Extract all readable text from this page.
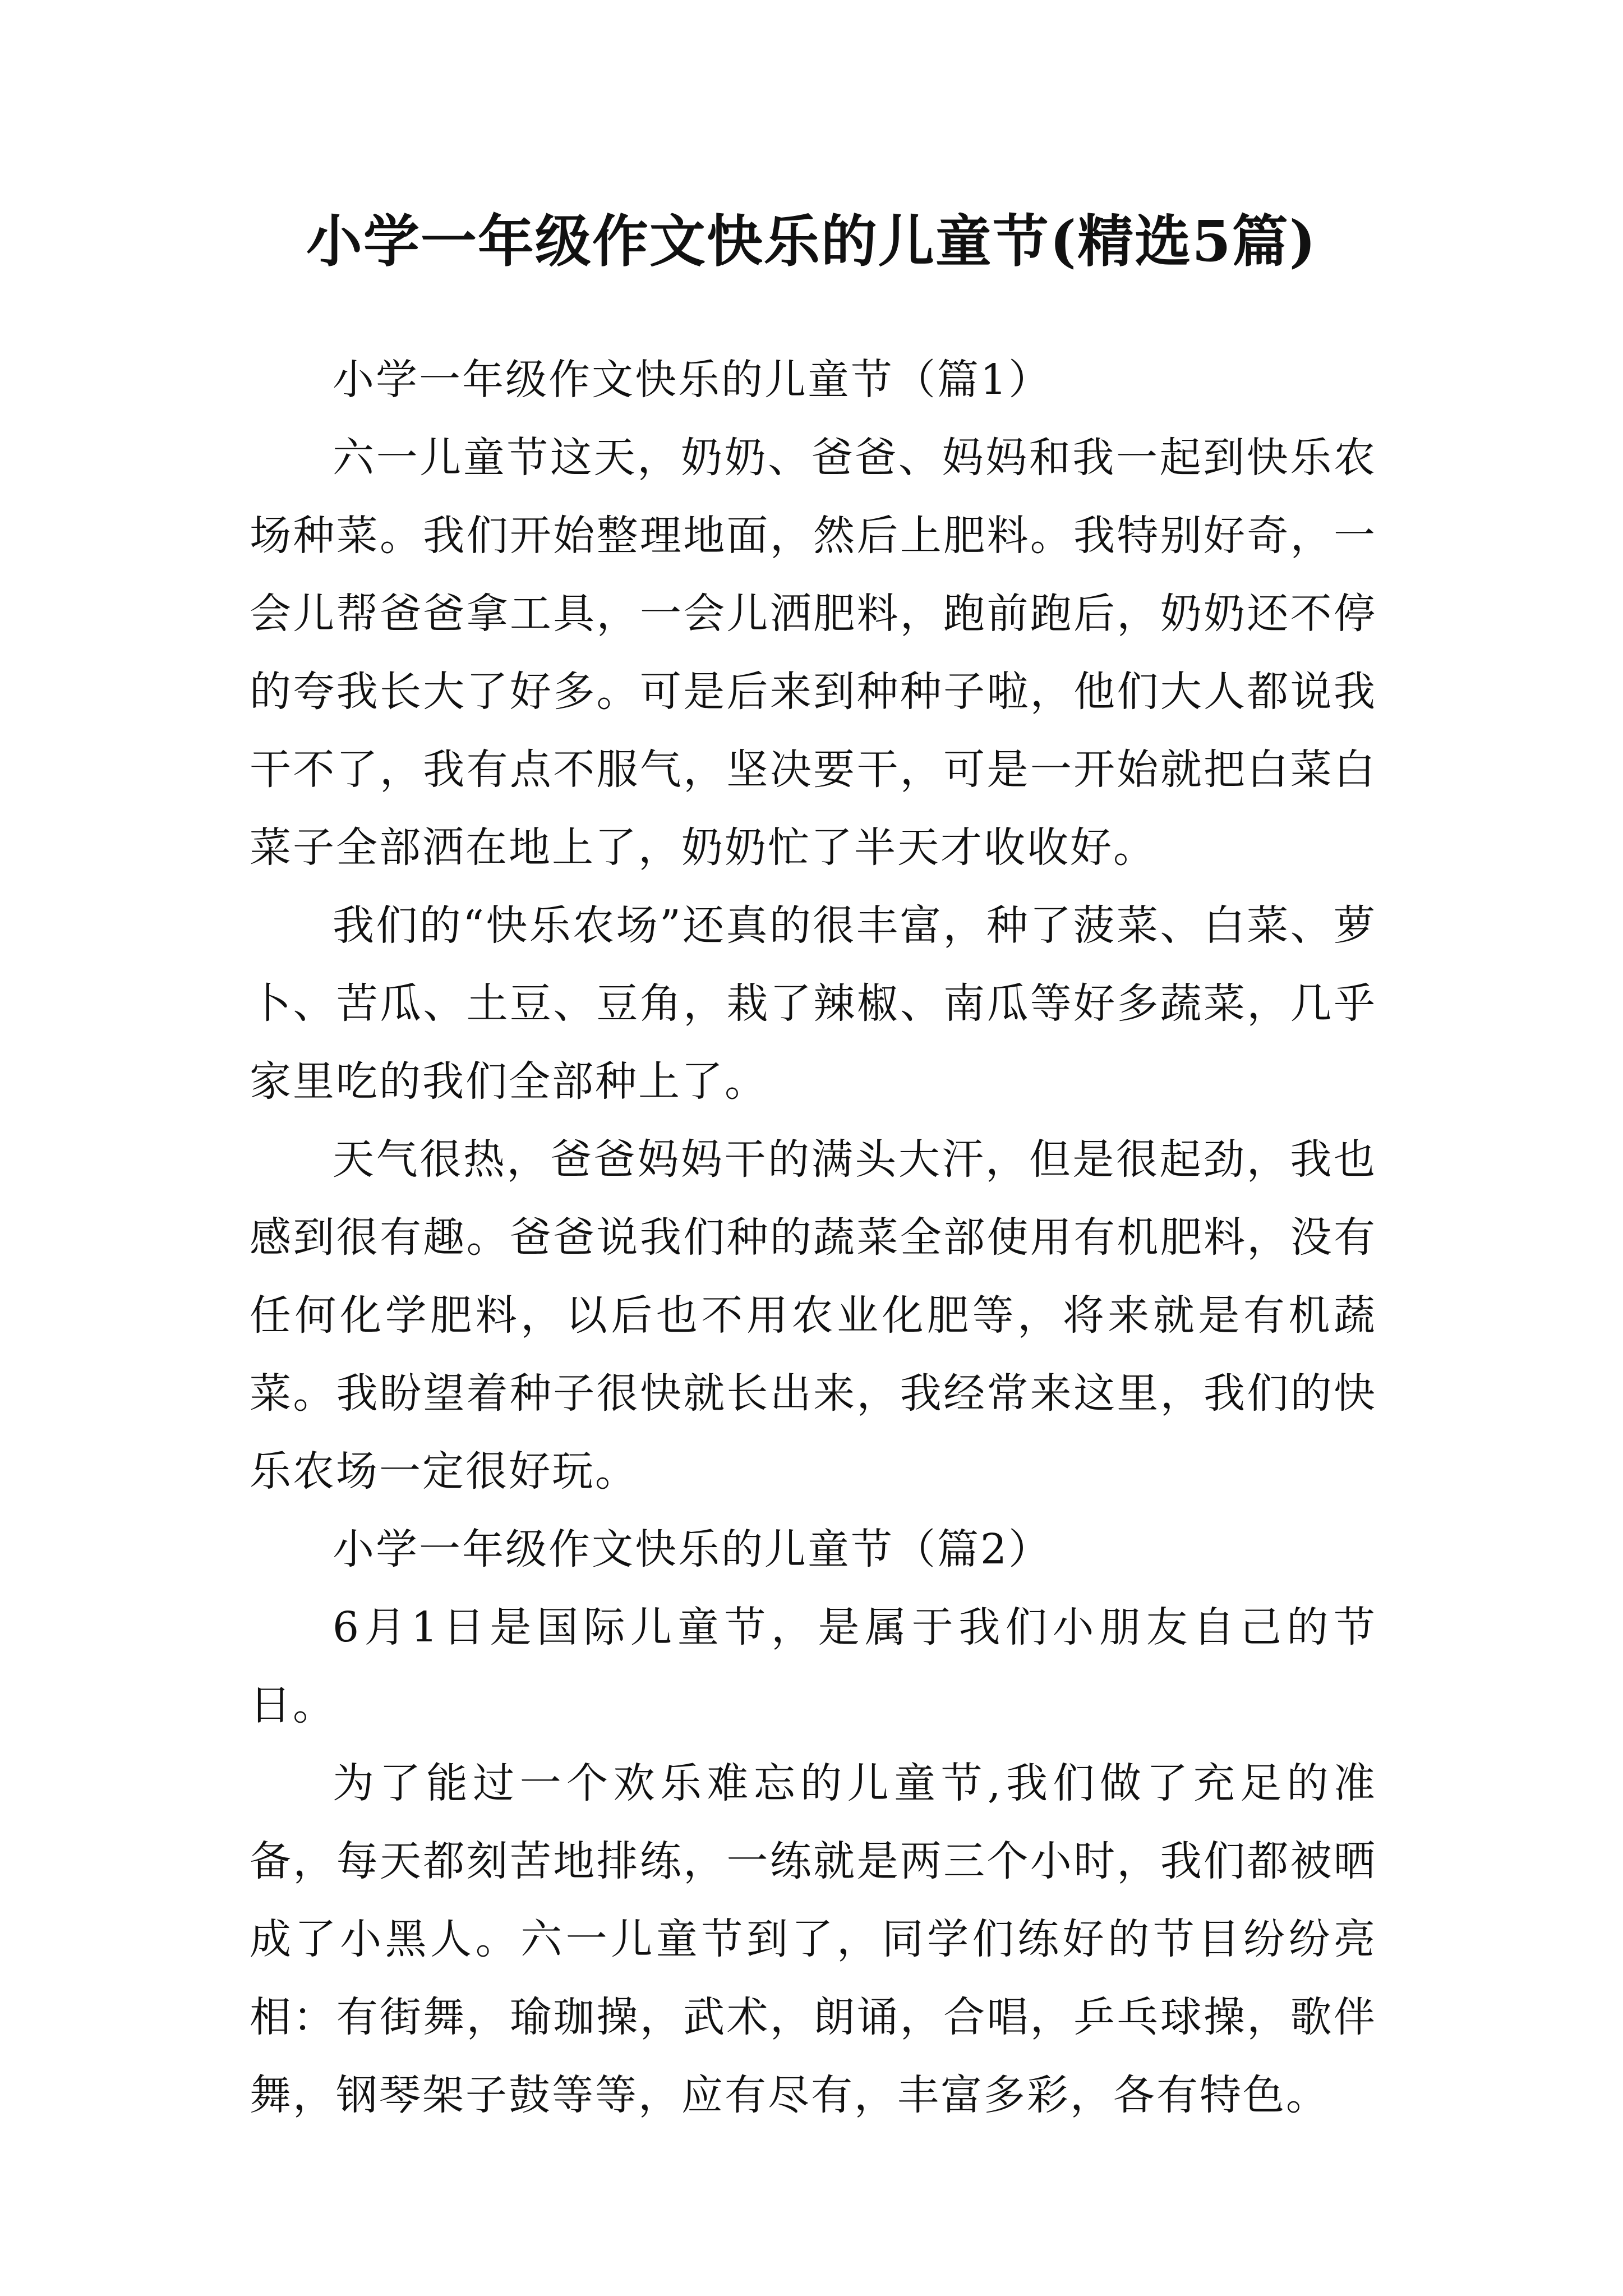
小学一年级作文快乐的儿童节(精选5篇)

小学一年级作文快乐的儿童节（篇1）

六一儿童节这天，奶奶、爸爸、妈妈和我一起到快乐农场种菜。我们开始整理地面，然后上肥料。我特别好奇，一会儿帮爸爸拿工具，一会儿洒肥料，跑前跑后，奶奶还不停的夸我长大了好多。可是后来到种种子啦，他们大人都说我干不了，我有点不服气，坚决要干，可是一开始就把白菜白菜子全部洒在地上了，奶奶忙了半天才收收好。

我们的“快乐农场”还真的很丰富，种了菠菜、白菜、萝卜、苦瓜、土豆、豆角，栽了辣椒、南瓜等好多蔬菜，几乎家里吃的我们全部种上了。

天气很热，爸爸妈妈干的满头大汗，但是很起劲，我也感到很有趣。爸爸说我们种的蔬菜全部使用有机肥料，没有任何化学肥料，以后也不用农业化肥等，将来就是有机蔬菜。我盼望着种子很快就长出来，我经常来这里，我们的快乐农场一定很好玩。

小学一年级作文快乐的儿童节（篇2）

6月1日是国际儿童节，是属于我们小朋友自己的节日。

为了能过一个欢乐难忘的儿童节,我们做了充足的准备，每天都刻苦地排练，一练就是两三个小时，我们都被晒成了小黑人。六一儿童节到了，同学们练好的节目纷纷亮相：有街舞，瑜珈操，武术，朗诵，合唱，乒乓球操，歌伴舞，钢琴架子鼓等等，应有尽有，丰富多彩，各有特色。
